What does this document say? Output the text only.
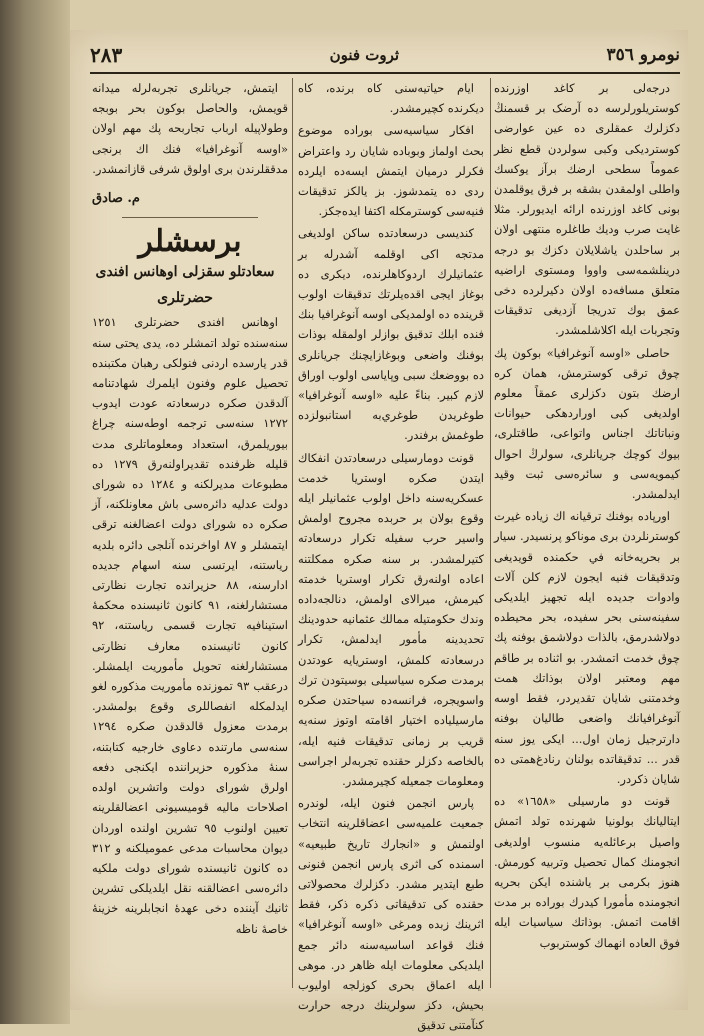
نومرو ٣٥٦
ثروت فنون
٢٨٣

درجه‌لی بر کاغد اوزرنده کوستریلورلرسه ده آرضک بر قسمنڭ دكزلرك عمقلرى ده عين عوارضى كوسترديكى وكبى سولردن قطع نظر عموماً سطحى ارضك برآز يوكسك واطلى اولمقدن بشقه بر فرق يوقلمدن بونى كاغد اوزرنده ارائه ايديورلر. مثلا غايت صرب وديك طاغلره منتهى اولان بر ساحلدن ياشلايلان دكزك بو درجه درينلشمه‌سى واووا ومستوى اراضيه متعلق مسافه‌ده اولان دكيرلرده دخى عمق بوك تدريجا آزديغى تدقيقات وتجربات ايله اكلاشلمشدر.

حاصلى «اوسه آنوغرافيا» بوكون پك چوق ترقى كوسترمش، همان كره ارضك بتون دكزلرى عمقاً معلوم اولديغى كبى اوراردهكى حيوانات ونباتاتك اجناس واتواعى، طاقتلرى، بيوك كوچك جريانلرى، سولرڭ احوال كيمويه‌سى و سائره‌سى ثبت وقيد ايدلمشدر.

اورپاده بوفنك ترقيانه اك زياده غيرت كوستر‌نلردن برى موناكو پرنسيدر. سيار بر بحريه‌خانه في حكمنده قويديغى وتدقيقات فنيه ايجون لازم كلن آلات وادوات جديده ايله تجهيز ايلديكى سفينه‌سنى بحر سفيده، بحر محيطده دولاشدرمق، بالذات دولاشمق بوفنه پك چوق خدمت اتمشدر. بو اثناده بر طاقم مهم ومعتبر اولان بوذاتك همت وخدمتنى شايان تقديردر، فقط اوسه آنوغرافيانك واضعى طاليان بوفنه دارترجيل زمان اول... ايكى يوز سنه قدر ... تدقيقاتده بولنان رنادغ‌همتى ده شايان ذكردر.

قونت دو مارسيلى «١٦٥٨» ده ايتاليانك بولونيا شهرنده تولد اتمش واصيل برعائله‌يه منسوب اولديغى انجومنك كمال تحصيل وتربيه كورمش. هنوز بكرمى بر ياشنده ايكن بحريه انجومنده مأمورا كيدرك بوراده بر مدت اقامت اتمش. بوذاتك سياسيات ايله فوق العاده انهماك كوستربوب

ايام حياتيه‌سنى كاه برنده، كاه ديكرنده كچيرمشدر.

افكار سياسيه‌سى بوراده موضوع بحث اولماز وبوباده شايان رد واعتراض فكرلر درميان ايتمش ايسه‌ده ايلرده ردى ده يتمدشوز. بز يالكز تدقيقات فنيه‌سى كوسترمكله اكتفا ايده‌جكز.

كنديسى درسعادتده ساكن اولديغى مدتجه اكى اوقلمه آشدرله بر عثمانيلرك اردوكاهلرنده، ديكرى ده بوغاز ايجى اقده‌يلرتك تدقيقات اولوب قرينده ده اولمديكى اوسه آنوغرافيا بنك فنده ابلك تدقيق بوازلر اولمقله بوذات بوفنك واضعى وبوغازايچنك جريانلرى ده بووضعك سبى وپاياسى اولوب اوراق لازم كبير. بناءً عليه «اوسه آنوغرافيا» طوغريدن طوغري‌به استانبولزده طوغمش برفندر.

قونت دومارسيلى درسعادتدن انفكاك ايتدن صكره اوستريا خدمت عسكريه‌سنه داخل اولوب عثمانيلر ايله وقوع بولان بر حربده مجروح اولمش واسير حرب سفيله تكرار درسعادته كتيرلمشدر. بر سنه صكره ممكلتنه اعاده اولنه‌رق تكرار اوستريا خدمته كيرمش، ميرالاى اولمش، دنالجه‌داده وندك حكومتيله ممالك عثمانيه حدودينك تحديدينه مأمور ايدلمش، تكرار درسعادته كلمش، اوستريايه عودتدن برمدت صكره سياسيلى بوسيتودن ترك واسويجره، فرانسه‌ده سياحتدن صكره مارسيلياده اختيار اقامته اوتوز سنه‌يه قريب بر زمانى تدقيقات فنيه ايله، بالخاصه دكزلر حقنده تجربه‌لر اجراسى ومعلومات جمعيله كچيرمشدر.

پارس انجمن فنون ايله، لوندره جمعيت علميه‌سى اعضاقلرينه انتخاب اولنمش و «انجارك تاريخ طبيعيه» اسمنده كى اثرى پارس انجمن فنونى طبع ايتدير مشدر. دكزلرك محصولاتى حقنده كى تدقيقاتى ذكره ذكر، فقط اثرينك زبده ومرغى «اوسه آنوغرافيا» فنك قواعد اساسيه‌سنه دائر جمع ايلديكى معلومات ايله ظاهر در. موهى ايله اعماق بحرى كوزلجه اوليوب بحيش، دكز سولرينك درجه حرارت كنآمتنى تدقيق

ايتمش، جريانلرى تجربه‌لرله ميدانه قويمش، والحاصل بوكون بحر بوبجه وطولاپيله ارباب تجاربحه پك مهم اولان «اوسه آنوغرافيا» فنك اك برنجى مدققلرندن برى اولوق شرفى قازانمشدر.

م. صادق
برسشلر

سعادتلو سقزلى اوهانس افندى

حضرتلرى

اوهانس افندى حضرتلرى ١٢٥١ سنه‌سنده تولد اتمشلر ده، يدى يحتى سنه قدر يارسده اردنى فنولكى رهبان مكتبنده تحصيل علوم وفنون ايلمرك شهادتنامه آلدقدن صكره درسعادته عودت ايدوب ١٢٧٢ سنه‌سى ترجمه اوطه‌سنه چراغ بيوريلمرق، استعداد ومعلوماتلرى مدت قليله ظرفنده تقديراولنه‌رق ١٢٧٩ ده مطبوعات مديرلكنه و ١٢٨٤ ده شوراى دولت عدليه دائره‌سى باش معاونلكنه، آز صكره ده شوراى دولت اعضالغنه ترقى ايتمشلر و ٨٧ اواخرنده آنلجى دائره بلديه رياستنه، ايرتسى سنه اسهام جديده ادارسنه، ٨٨ حزيرانده تجارت نظارتى مستشارلغنه، ٩١ كانون ثانيسنده محكمهٔ استينافيه تجارت قسمى رياستنه، ٩٢ كانون ثانيسنده معارف نظارتى مستشارلغنه تحويل مأموريت ايلمشلر. درعقب ٩٣ تموزنده مأموريت مذكوره لغو ايدلمكله انفصاللرى وقوع بولمشدر. برمدت معزول قالدقدن صكره ١٢٩٤ سنه‌سى مارتنده دعاوى خارجيه كتابتنه، سنهٔ مذكوره حزيراننده ايكنجى دفعه اولرق شوراى دولت واتشرين اولده اصلاحات ماليه قوميسيونى اعضالقلرينه تعيين اولنوب ٩٥ تشرين اولنده اوردان ديوان محاسبات مدعى عموميلكنه و ٣١٢ ده كانون ثانيسنده شوراى دولت ملكيه دائره‌سى اعضالقنه نقل ايلديلكى تشرين ثانيك آيننده دخى عهدهٔ انجابلرينه خزينهٔ خاصهٔ ناظه
